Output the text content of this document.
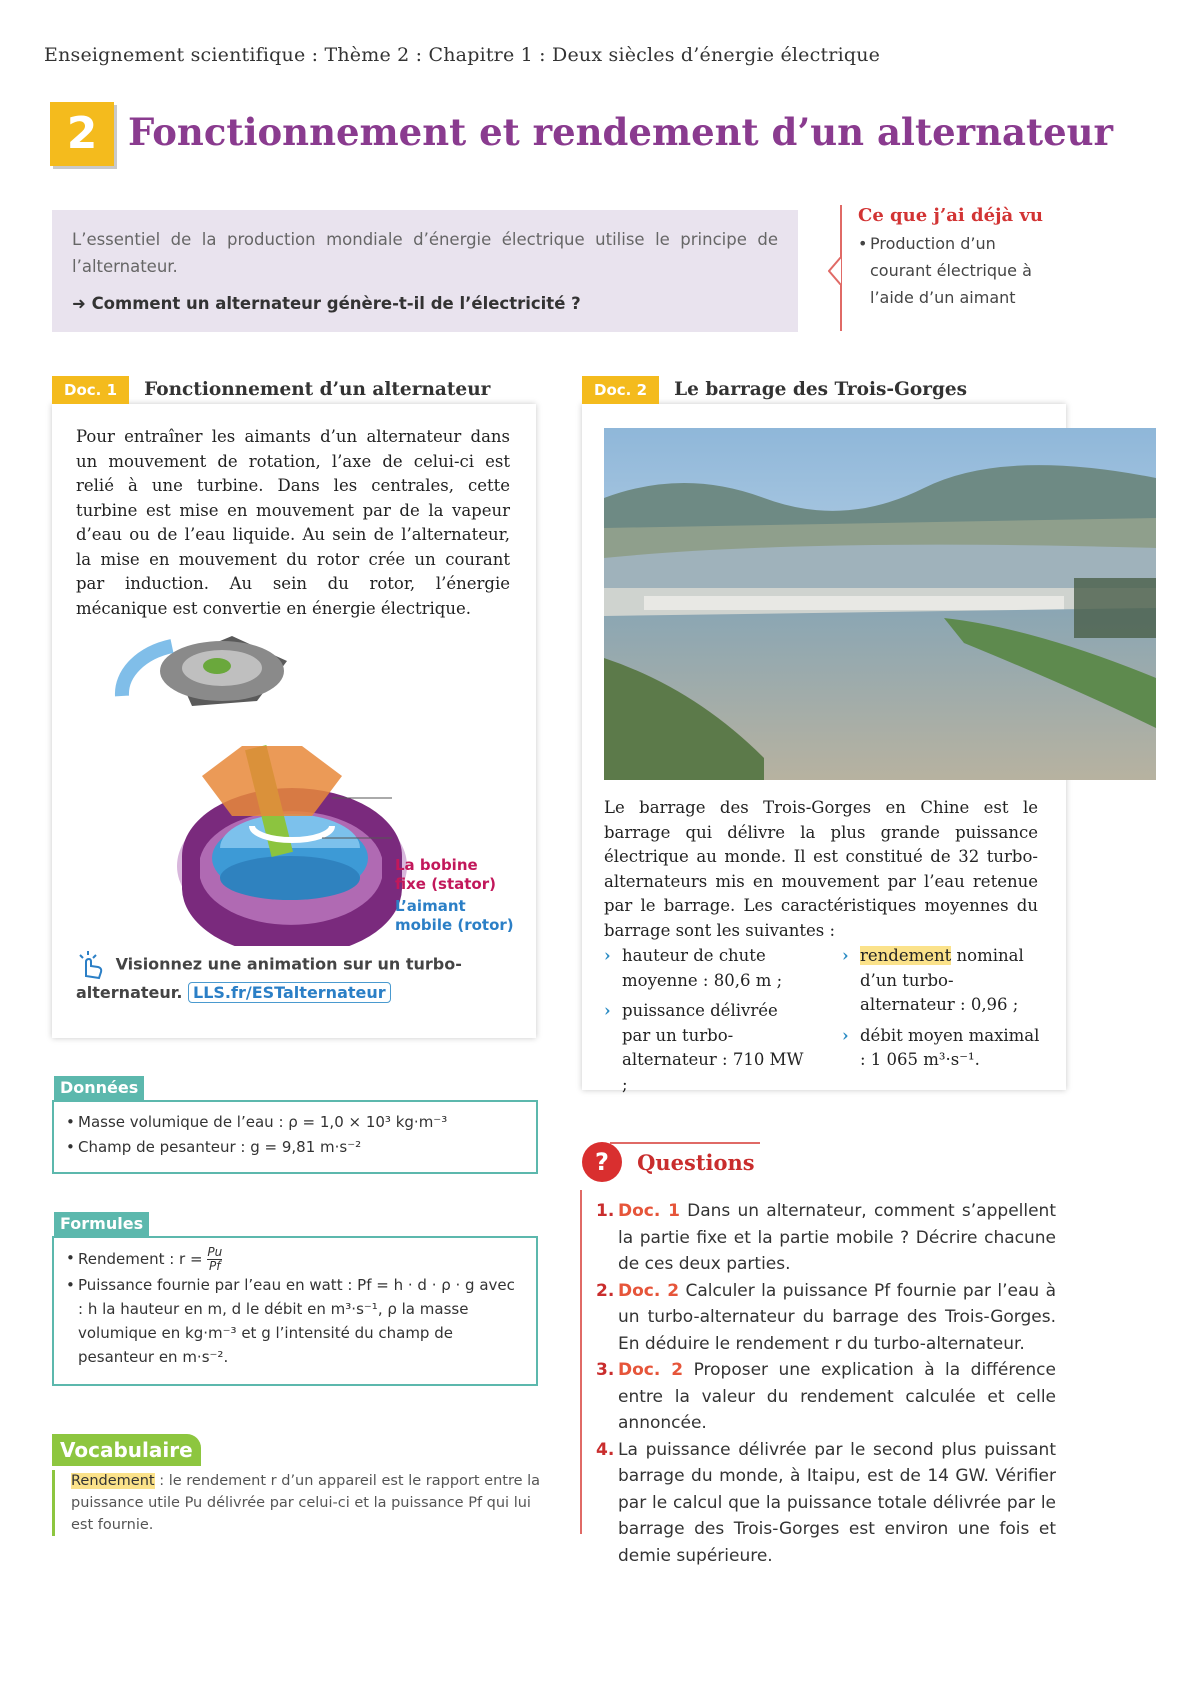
Enseignement scientifique : Thème 2 : Chapitre 1 : Deux siècles d’énergie électrique
2 Fonctionnement et rendement d’un alternateur
L’essentiel de la production mondiale d’énergie électrique utilise le principe de l’alternateur.
➜ Comment un alternateur génère-t-il de l’électricité ?
Ce que j’ai déjà vu
• Production d’un courant électrique à l’aide d’un aimant
Doc. 1 Fonctionnement d’un alternateur
Pour entraîner les aimants d’un alternateur dans un mouvement de rotation, l’axe de celui-ci est relié à une turbine. Dans les centrales, cette turbine est mise en mouvement par de la vapeur d’eau ou de l’eau liquide. Au sein de l’alternateur, la mise en mouvement du rotor crée un courant par induction. Au sein du rotor, l’énergie mécanique est convertie en énergie électrique.
La bobine
fixe (stator)
L’aimant
mobile (rotor)
Visionnez une animation sur un turbo-alternateur. LLS.fr/ESTalternateur
Doc. 2 Le barrage des Trois-Gorges
Le barrage des Trois-Gorges en Chine est le barrage qui délivre la plus grande puissance électrique au monde. Il est constitué de 32 turbo-alternateurs mis en mouvement par l’eau retenue par le barrage. Les caractéristiques moyennes du barrage sont les suivantes :
› hauteur de chute moyenne : 80,6 m ;
› puissance délivrée par un turbo-alternateur : 710 MW ;
› rendement nominal d’un turbo-alternateur : 0,96 ;
› débit moyen maximal : 1 065 m³·s⁻¹.
Données
• Masse volumique de l’eau : ρ = 1,0 × 10³ kg·m⁻³
• Champ de pesanteur : g = 9,81 m·s⁻²
Formules
• Rendement : $r = \frac{Pu}{Pf}$
• Puissance fournie par l’eau en watt : Pf = h · d · ρ · g avec : h la hauteur en m, d le débit en m³·s⁻¹, ρ la masse volumique en kg·m⁻³ et g l’intensité du champ de pesanteur en m·s⁻².
Vocabulaire
Rendement : le rendement r d’un appareil est le rapport entre la puissance utile Pu délivrée par celui-ci et la puissance Pf qui lui est fournie.
? Questions
1. Doc. 1 Dans un alternateur, comment s’appellent la partie fixe et la partie mobile ? Décrire chacune de ces deux parties.
2. Doc. 2 Calculer la puissance Pf fournie par l’eau à un turbo-alternateur du barrage des Trois-Gorges. En déduire le rendement r du turbo-alternateur.
3. Doc. 2 Proposer une explication à la différence entre la valeur du rendement calculée et celle annoncée.
4. La puissance délivrée par le second plus puissant barrage du monde, à Itaipu, est de 14 GW. Vérifier par le calcul que la puissance totale délivrée par le barrage des Trois-Gorges est environ une fois et demie supérieure.
